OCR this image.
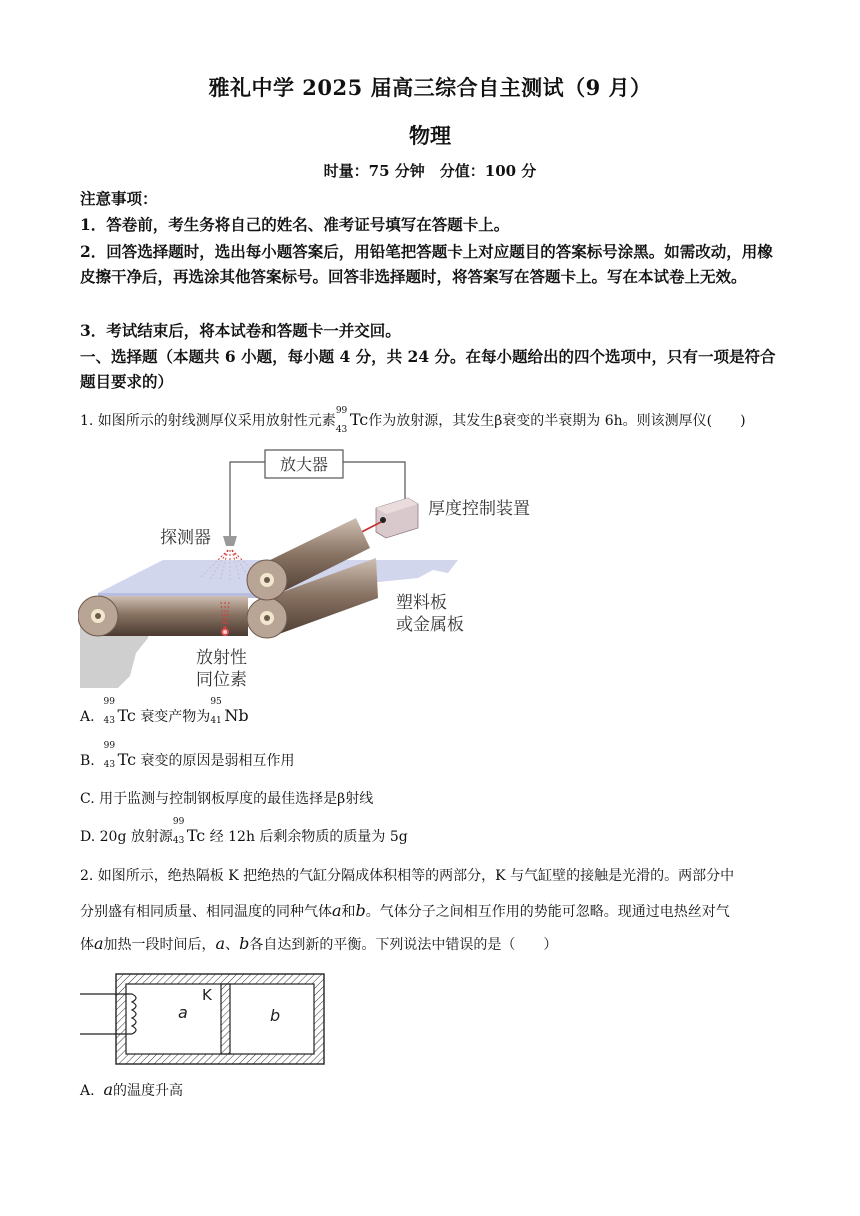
雅礼中学 2025 届高三综合自主测试（9 月）
物理
时量：75 分钟　分值：100 分
注意事项：
1．答卷前，考生务将自己的姓名、准考证号填写在答题卡上。
2．回答选择题时，选出每小题答案后，用铅笔把答题卡上对应题目的答案标号涂黑。如需改动，用橡皮擦干净后，再选涂其他答案标号。回答非选择题时，将答案写在答题卡上。写在本试卷上无效。
3．考试结束后，将本试卷和答题卡一并交回。
一、选择题（本题共 6 小题，每小题 4 分，共 24 分。在每小题给出的四个选项中，只有一项是符合题目要求的）
1. 如图所示的射线测厚仪采用放射性元素
99
43
Tc作为放射源，其发生β衰变的半衰期为 6h。则该测厚仪(　　)
放大器
厚度控制装置
探测器
放射性
同位素
塑料板
或金属板
A.
99
43 Tc 衰变产物为
95
41 Nb
B.
99
43 Tc 衰变的原因是弱相互作用
C. 用于监测与控制钢板厚度的最佳选择是β射线
D. 20g 放射源
99
43 Tc 经 12h 后剩余物质的质量为 5g
2. 如图所示，绝热隔板 K 把绝热的气缸分隔成体积相等的两部分，K 与气缸壁的接触是光滑的。两部分中
分别盛有相同质量、相同温度的同种气体a和b。气体分子之间相互作用的势能可忽略。现通过电热丝对气
体a加热一段时间后，a、b各自达到新的平衡。下列说法中错误的是（　　）
K
a	b
A. a的温度升高
